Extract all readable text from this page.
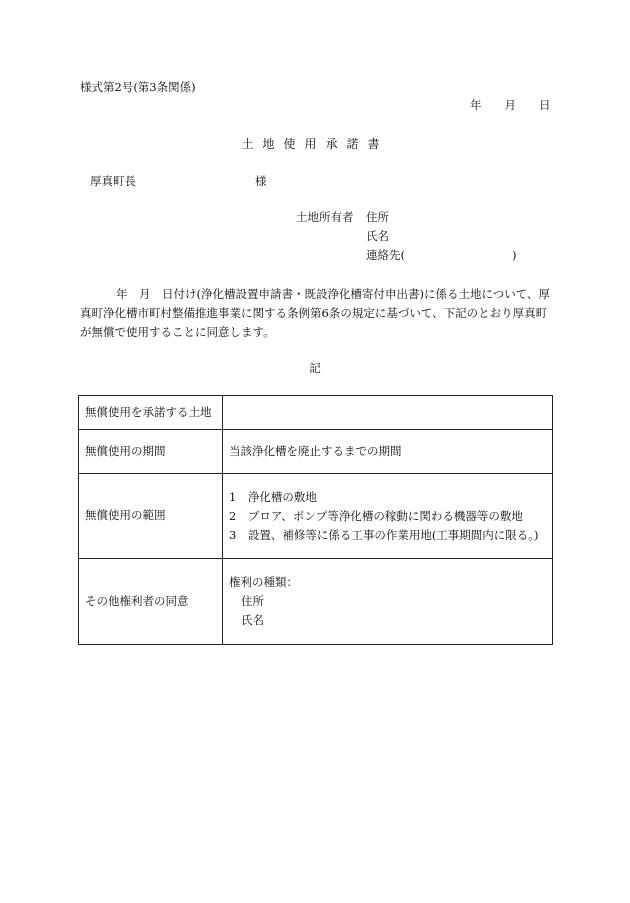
様式第2号(第3条関係)
年　　月　　日
土地使用承諾書
厚真町長	様
土地所有者 住所
氏名
連絡先(	)
年　月　日付け(浄化槽設置申請書・既設浄化槽寄付申出書)に係る土地について、厚真町浄化槽市町村整備推進事業に関する条例第6条の規定に基づいて、下記のとおり厚真町が無償で使用することに同意します。
記
無償使用を承諾する土地	
無償使用の期間	当該浄化槽を廃止するまでの期間
無償使用の範囲	1　浄化槽の敷地
2　ブロア、ポンプ等浄化槽の稼動に関わる機器等の敷地
3　設置、補修等に係る工事の作業用地(工事期間内に限る。)

その他権利者の同意	権利の種類：
住所
氏名
